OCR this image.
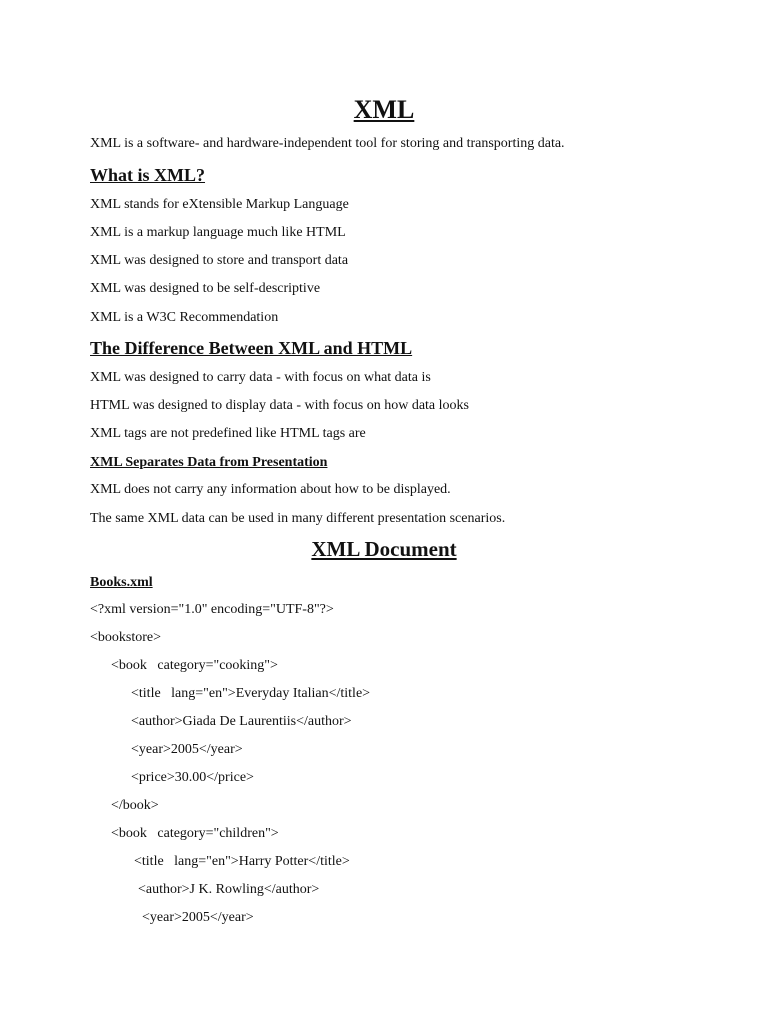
XML
XML is a software- and hardware-independent tool for storing and transporting data.
What is XML?
XML stands for eXtensible Markup Language
XML is a markup language much like HTML
XML was designed to store and transport data
XML was designed to be self-descriptive
XML is a W3C Recommendation
The Difference Between XML and HTML
XML was designed to carry data - with focus on what data is
HTML was designed to display data - with focus on how data looks
XML tags are not predefined like HTML tags are
XML Separates Data from Presentation
XML does not carry any information about how to be displayed.
The same XML data can be used in many different presentation scenarios.
XML Document
Books.xml
<?xml version="1.0" encoding="UTF-8"?>
<bookstore>
<book   category="cooking">
<title   lang="en">Everyday Italian</title>
<author>Giada De Laurentiis</author>
<year>2005</year>
<price>30.00</price>
</book>
<book   category="children">
<title   lang="en">Harry Potter</title>
<author>J K. Rowling</author>
<year>2005</year>
